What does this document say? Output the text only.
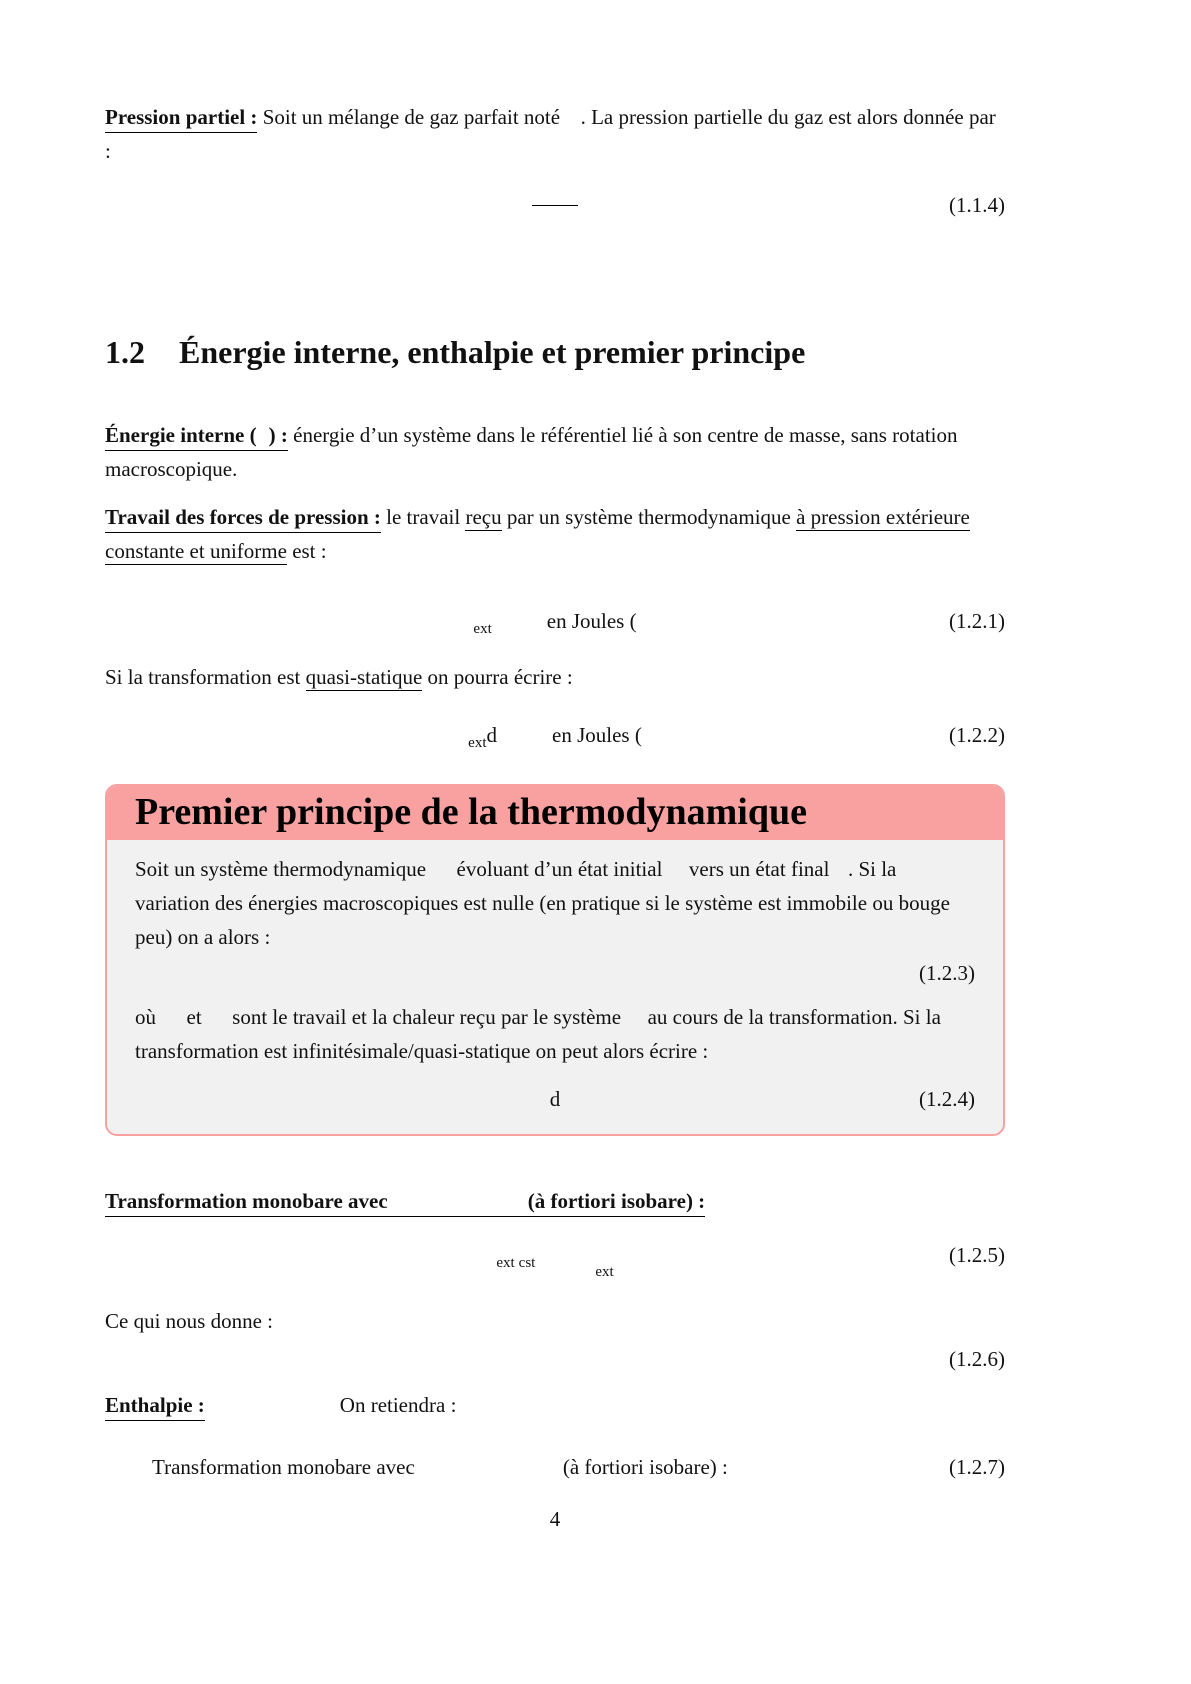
Pression partiel : Soit un mélange de gaz parfait noté  . La pression partielle du gaz est alors donnée par :

(1.1.4)
1.2 Énergie interne, enthalpie et premier principe

Énergie interne ( ) : énergie d’un système dans le référentiel lié à son centre de masse, sans rotation macroscopique.

Travail des forces de pression : le travail reçu par un système thermodynamique à pression extérieure constante et uniforme est :

$_{ext}$	en Joules (	(1.2.1)

Si la transformation est quasi-statique on pourra écrire :

$_{ext}$d	en Joules (	(1.2.2)
Premier principe de la thermodynamique

Soit un système thermodynamique  évoluant d’un état initial  vers un état final  . Si la variation des énergies macroscopiques est nulle (en pratique si le système est immobile ou bouge peu) on a alors :

(1.2.3)

où  et  sont le travail et la chaleur reçu par le système  au cours de la transformation. Si la transformation est infinitésimale/quasi-statique on peut alors écrire :

d	(1.2.4)

Transformation monobare avec	(à fortiori isobare) :

$_{ext}$ $_{cstext}$
(1.2.5)

Ce qui nous donne :

(1.2.6)

Enthalpie :	On retiendra :

Transformation monobare avec	(à fortiori isobare) :	(1.2.7)
4
